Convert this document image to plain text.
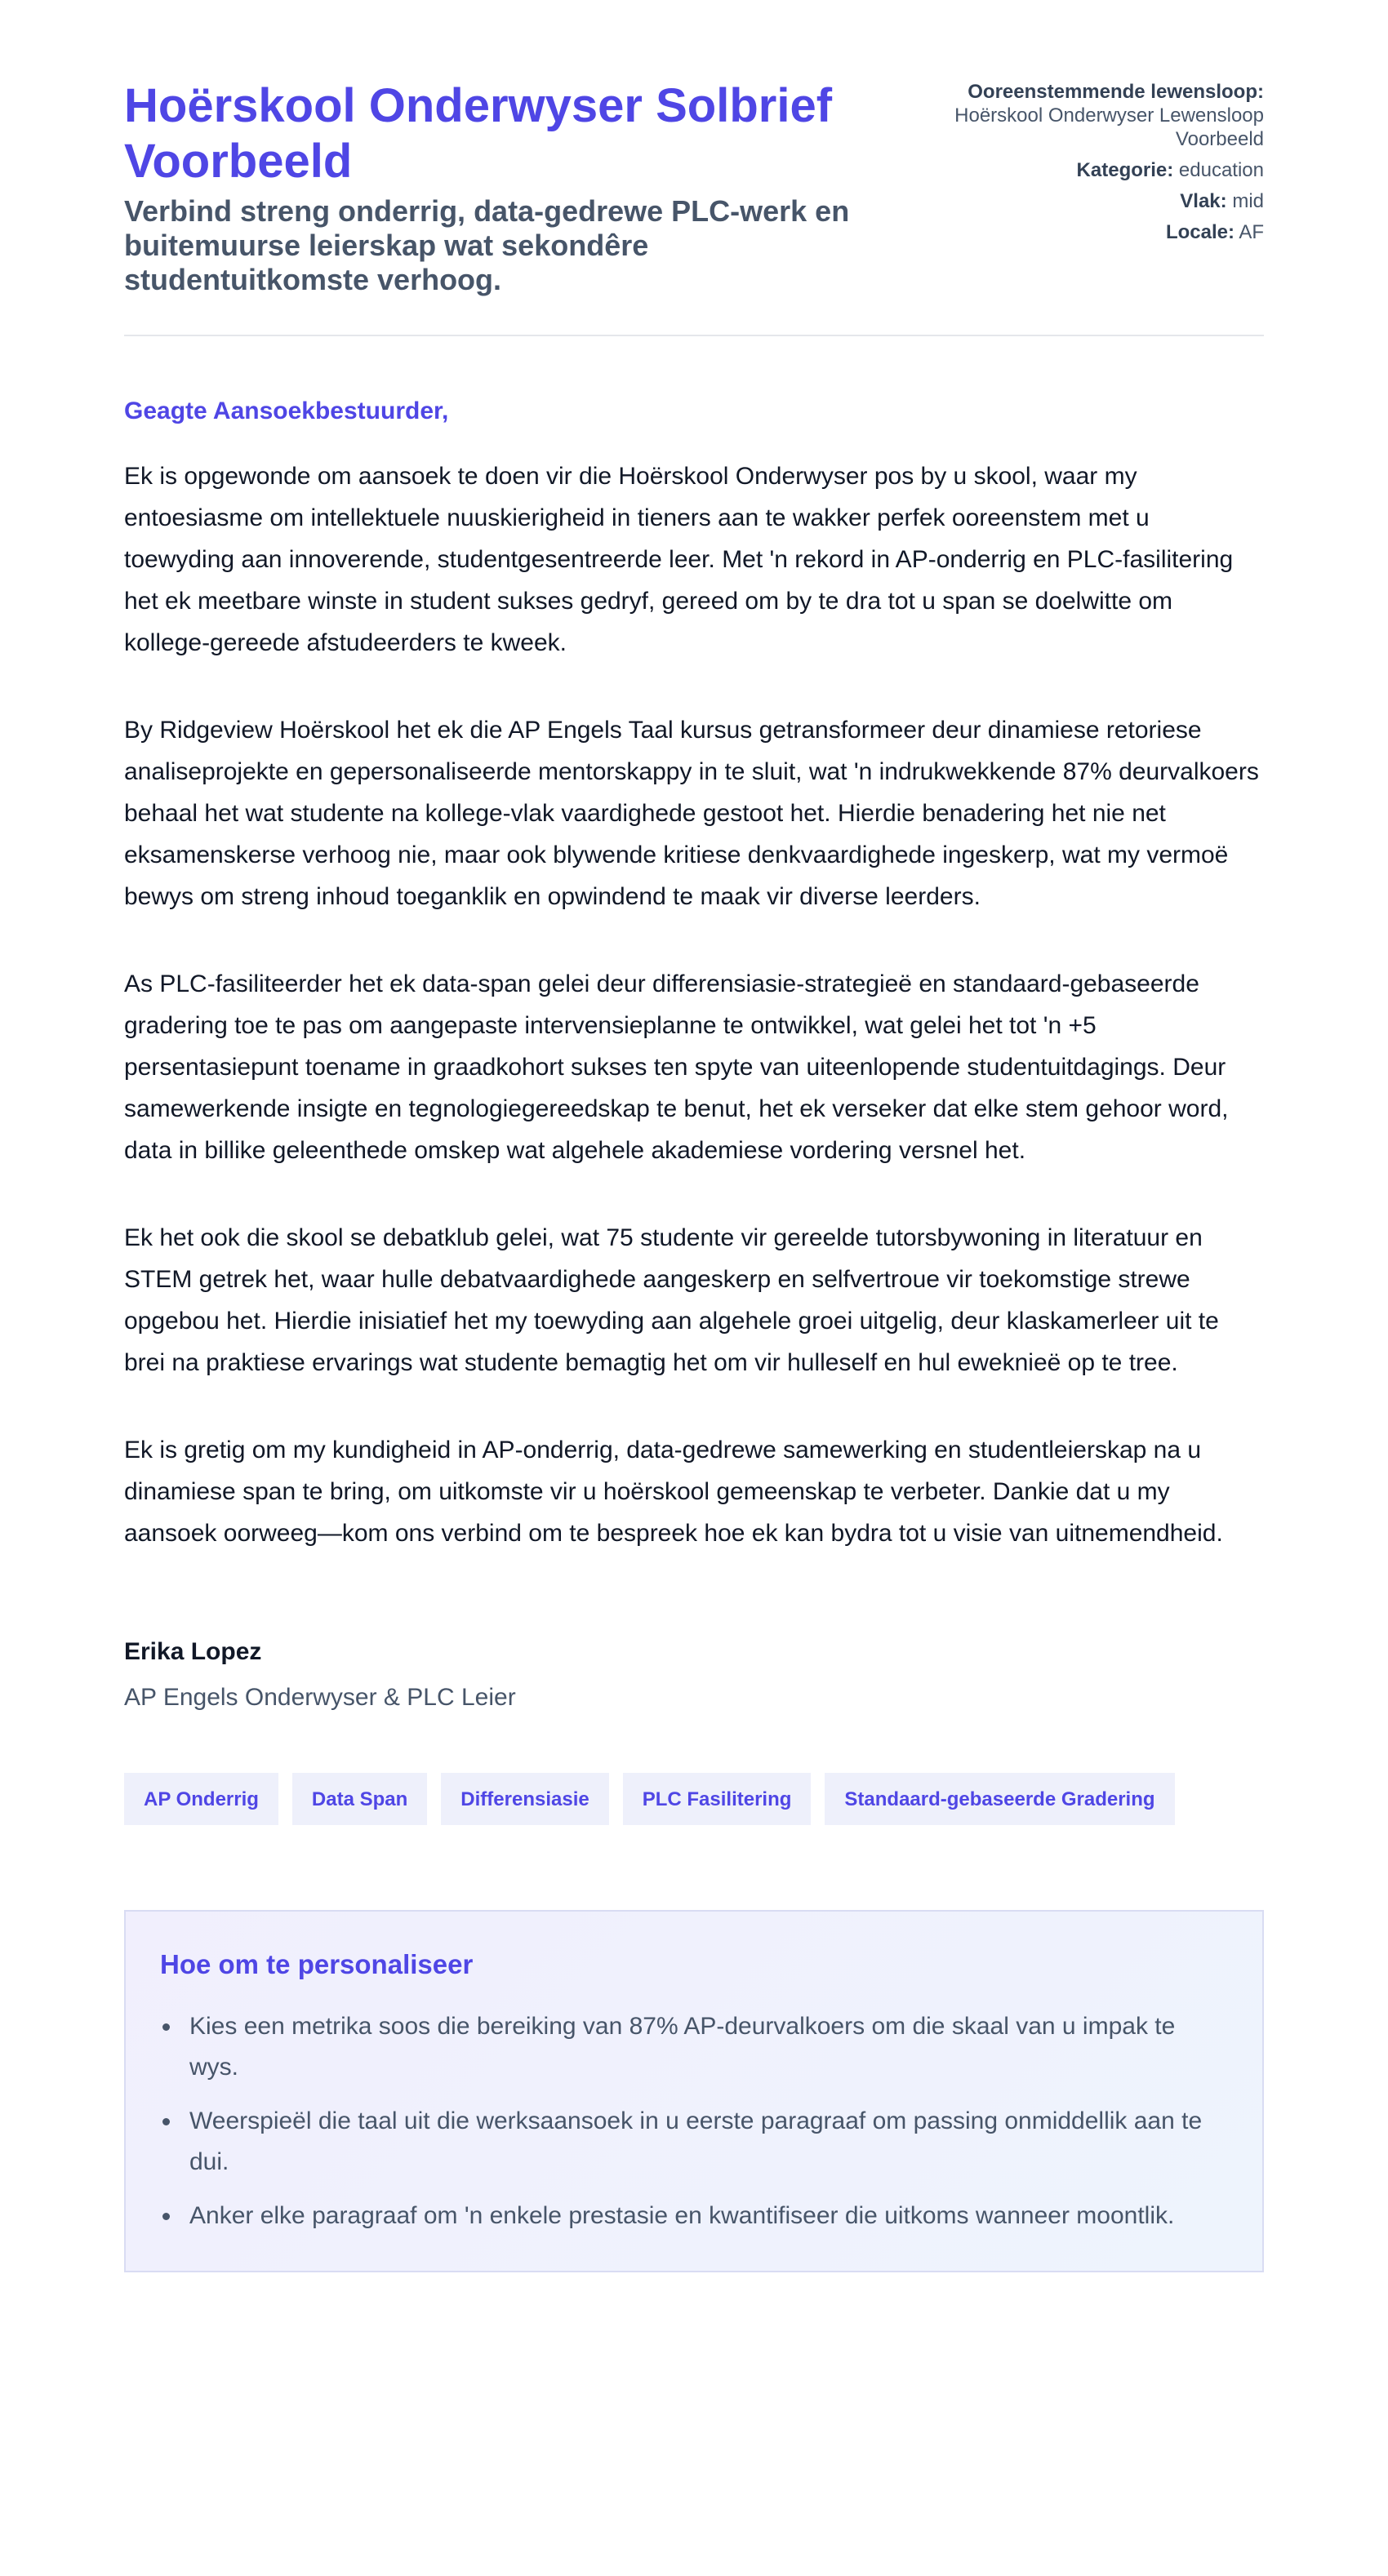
Hoërskool Onderwyser Solbrief Voorbeeld
Verbind streng onderrig, data-gedrewe PLC-werk en buitemuurse leierskap wat sekondêre studentuitkomste verhoog.
Ooreenstemmende lewensloop:
Hoërskool Onderwyser Lewensloop Voorbeeld
Kategorie: education
Vlak: mid
Locale: AF

Geagte Aansoekbestuurder,

Ek is opgewonde om aansoek te doen vir die Hoërskool Onderwyser pos by u skool, waar my entoesiasme om intellektuele nuuskierigheid in tieners aan te wakker perfek ooreenstem met u toewyding aan innoverende, studentgesentreerde leer. Met 'n rekord in AP-onderrig en PLC-fasilitering het ek meetbare winste in student sukses gedryf, gereed om by te dra tot u span se doelwitte om kollege-gereede afstudeerders te kweek.

By Ridgeview Hoërskool het ek die AP Engels Taal kursus getransformeer deur dinamiese retoriese analiseprojekte en gepersonaliseerde mentorskappy in te sluit, wat 'n indrukwekkende 87% deurvalkoers behaal het wat studente na kollege-vlak vaardighede gestoot het. Hierdie benadering het nie net eksamenskerse verhoog nie, maar ook blywende kritiese denkvaardighede ingeskerp, wat my vermoë bewys om streng inhoud toeganklik en opwindend te maak vir diverse leerders.

As PLC-fasiliteerder het ek data-span gelei deur differensiasie-strategieë en standaard-gebaseerde gradering toe te pas om aangepaste intervensieplanne te ontwikkel, wat gelei het tot 'n +5 persentasiepunt toename in graadkohort sukses ten spyte van uiteenlopende studentuitdagings. Deur samewerkende insigte en tegnologiegereedskap te benut, het ek verseker dat elke stem gehoor word, data in billike geleenthede omskep wat algehele akademiese vordering versnel het.

Ek het ook die skool se debatklub gelei, wat 75 studente vir gereelde tutorsbywoning in literatuur en STEM getrek het, waar hulle debatvaardighede aangeskerp en selfvertroue vir toekomstige strewe opgebou het. Hierdie inisiatief het my toewyding aan algehele groei uitgelig, deur klaskamerleer uit te brei na praktiese ervarings wat studente bemagtig het om vir hulleself en hul eweknieë op te tree.

Ek is gretig om my kundigheid in AP-onderrig, data-gedrewe samewerking en studentleierskap na u dinamiese span te bring, om uitkomste vir u hoërskool gemeenskap te verbeter. Dankie dat u my aansoek oorweeg—kom ons verbind om te bespreek hoe ek kan bydra tot u visie van uitnemendheid.

Erika Lopez
AP Engels Onderwyser & PLC Leier
AP Onderrig	Data Span	Differensiasie	PLC Fasilitering	Standaard-gebaseerde Gradering
Hoe om te personaliseer
Kies een metrika soos die bereiking van 87% AP-deurvalkoers om die skaal van u impak te wys.
Weerspieël die taal uit die werksaansoek in u eerste paragraaf om passing onmiddellik aan te dui.
Anker elke paragraaf om 'n enkele prestasie en kwantifiseer die uitkoms wanneer moontlik.
